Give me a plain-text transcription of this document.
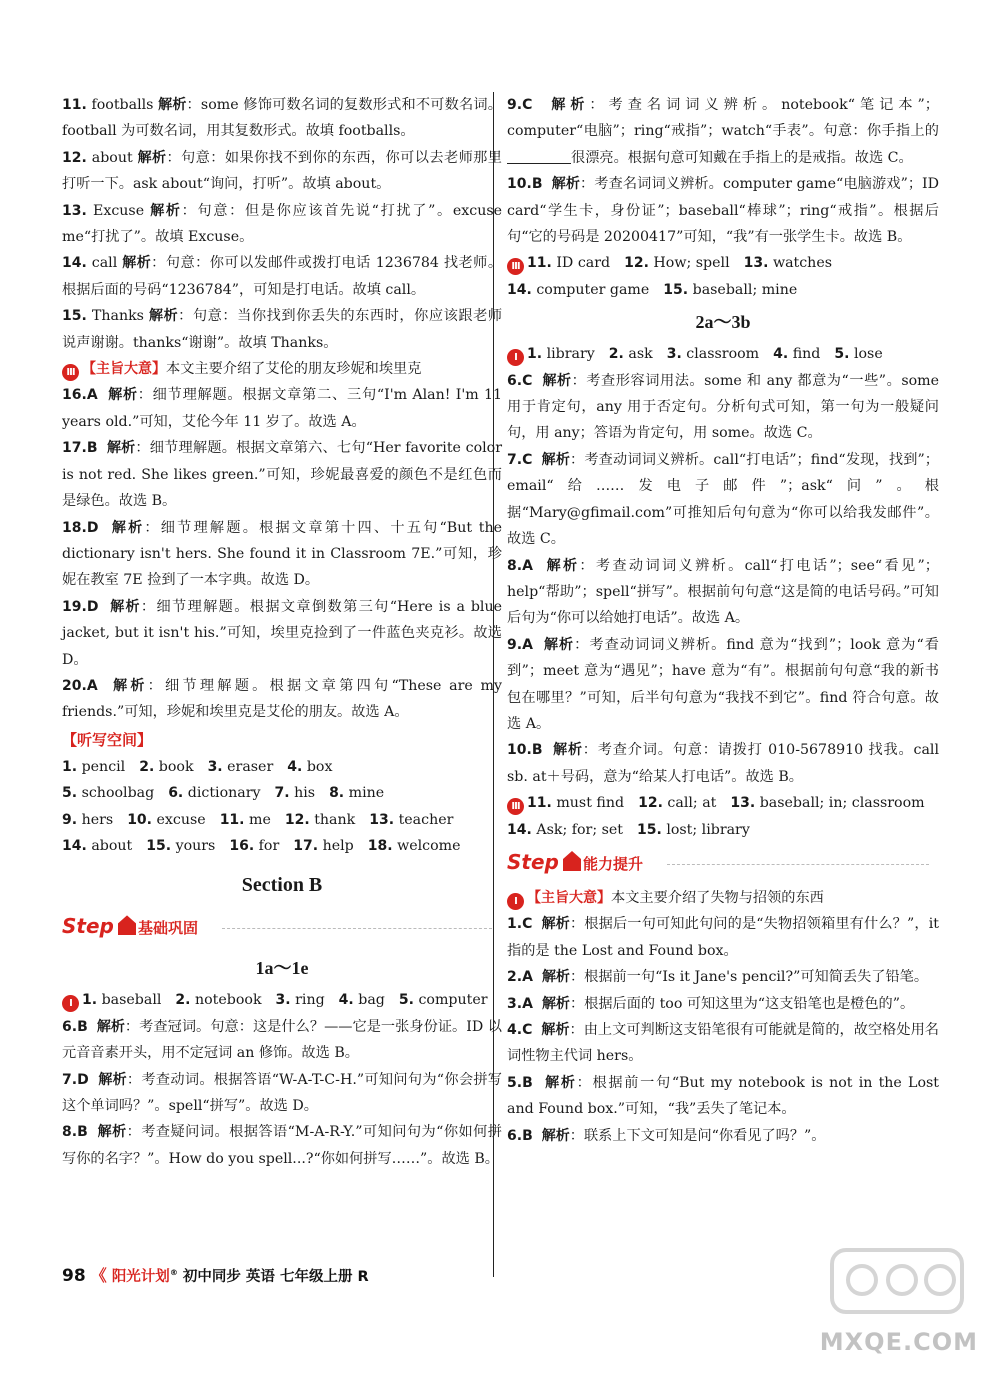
11. footballs 解析：some 修饰可数名词的复数形式和不可数名词。football 为可数名词，用其复数形式。故填 footballs。

12. about 解析：句意：如果你找不到你的东西，你可以去老师那里打听一下。ask about“询问，打听”。故填 about。

13. Excuse 解析：句意：但是你应该首先说“打扰了”。excuse me“打扰了”。故填 Excuse。

14. call 解析：句意：你可以发邮件或拨打电话 1236784 找老师。根据后面的号码“1236784”，可知是打电话。故填 call。

15. Thanks 解析：句意：当你找到你丢失的东西时，你应该跟老师说声谢谢。thanks“谢谢”。故填 Thanks。

III 【主旨大意】本文主要介绍了艾伦的朋友珍妮和埃里克

16.A 解析：细节理解题。根据文章第二、三句“I'm Alan! I'm 11 years old.”可知，艾伦今年 11 岁了。故选 A。

17.B 解析：细节理解题。根据文章第六、七句“Her favorite color is not red. She likes green.”可知，珍妮最喜爱的颜色不是红色而是绿色。故选 B。

18.D 解析：细节理解题。根据文章第十四、十五句“But the dictionary isn't hers. She found it in Classroom 7E.”可知，珍妮在教室 7E 捡到了一本字典。故选 D。

19.D 解析：细节理解题。根据文章倒数第三句“Here is a blue jacket, but it isn't his.”可知，埃里克捡到了一件蓝色夹克衫。故选 D。

20.A 解析：细节理解题。根据文章第四句“These are my friends.”可知，珍妮和埃里克是艾伦的朋友。故选 A。

【听写空间】
1. pencil 2. book 3. eraser 4. box
5. schoolbag 6. dictionary 7. his 8. mine
9. hers 10. excuse 11. me 12. thank 13. teacher
14. about 15. yours 16. for 17. help 18. welcome
Section B
Step 基础巩固
1a～1e
I 1. baseball 2. notebook 3. ring 4. bag 5. computer

6.B 解析：考查冠词。句意：这是什么？——它是一张身份证。ID 以元音音素开头，用不定冠词 an 修饰。故选 B。

7.D 解析：考查动词。根据答语“W-A-T-C-H.”可知问句为“你会拼写这个单词吗？”。spell“拼写”。故选 D。

8.B 解析：考查疑问词。根据答语“M-A-R-Y.”可知问句为“你如何拼写你的名字？”。How do you spell...?“你如何拼写……”。故选 B。

9.C 解析：考查名词词义辨析。notebook“笔记本”；computer“电脑”；ring“戒指”；watch“手表”。句意：你手指上的很漂亮。根据句意可知戴在手指上的是戒指。故选 C。

10.B 解析：考查名词词义辨析。computer game“电脑游戏”；ID card“学生卡，身份证”；baseball“棒球”；ring“戒指”。根据后句“它的号码是 20200417”可知，“我”有一张学生卡。故选 B。

III 11. ID card 12. How; spell 13. watches
14. computer game 15. baseball; mine
2a～3b
I 1. library 2. ask 3. classroom 4. find 5. lose

6.C 解析：考查形容词用法。some 和 any 都意为“一些”。some 用于肯定句，any 用于否定句。分析句式可知，第一句为一般疑问句，用 any；答语为肯定句，用 some。故选 C。

7.C 解析：考查动词词义辨析。call“打电话”；find“发现，找到”；email“给……发电子邮件”；ask“问”。根据“Mary@gfimail.com”可推知后句句意为“你可以给我发邮件”。故选 C。

8.A 解析：考查动词词义辨析。call“打电话”；see“看见”；help“帮助”；spell“拼写”。根据前句句意“这是简的电话号码。”可知后句为“你可以给她打电话”。故选 A。

9.A 解析：考查动词词义辨析。find 意为“找到”；look 意为“看到”；meet 意为“遇见”；have 意为“有”。根据前句句意“我的新书包在哪里？”可知，后半句句意为“我找不到它”。find 符合句意。故选 A。

10.B 解析：考查介词。句意：请拨打 010-5678910 找我。call sb. at＋号码，意为“给某人打电话”。故选 B。

III 11. must find 12. call; at 13. baseball; in; classroom
14. Ask; for; set 15. lost; library
Step 能力提升
I 【主旨大意】本文主要介绍了失物与招领的东西

1.C 解析：根据后一句可知此句问的是“失物招领箱里有什么？”，it 指的是 the Lost and Found box。

2.A 解析：根据前一句“Is it Jane's pencil?”可知简丢失了铅笔。

3.A 解析：根据后面的 too 可知这里为“这支铅笔也是橙色的”。

4.C 解析：由上文可判断这支铅笔很有可能就是简的，故空格处用名词性物主代词 hers。

5.B 解析：根据前一句“But my notebook is not in the Lost and Found box.”可知，“我”丢失了笔记本。

6.B 解析：联系上下文可知是问“你看见了吗？”。

98 《 阳光计划® 初中同步 英语 七年级上册 R
MXQE.COM
